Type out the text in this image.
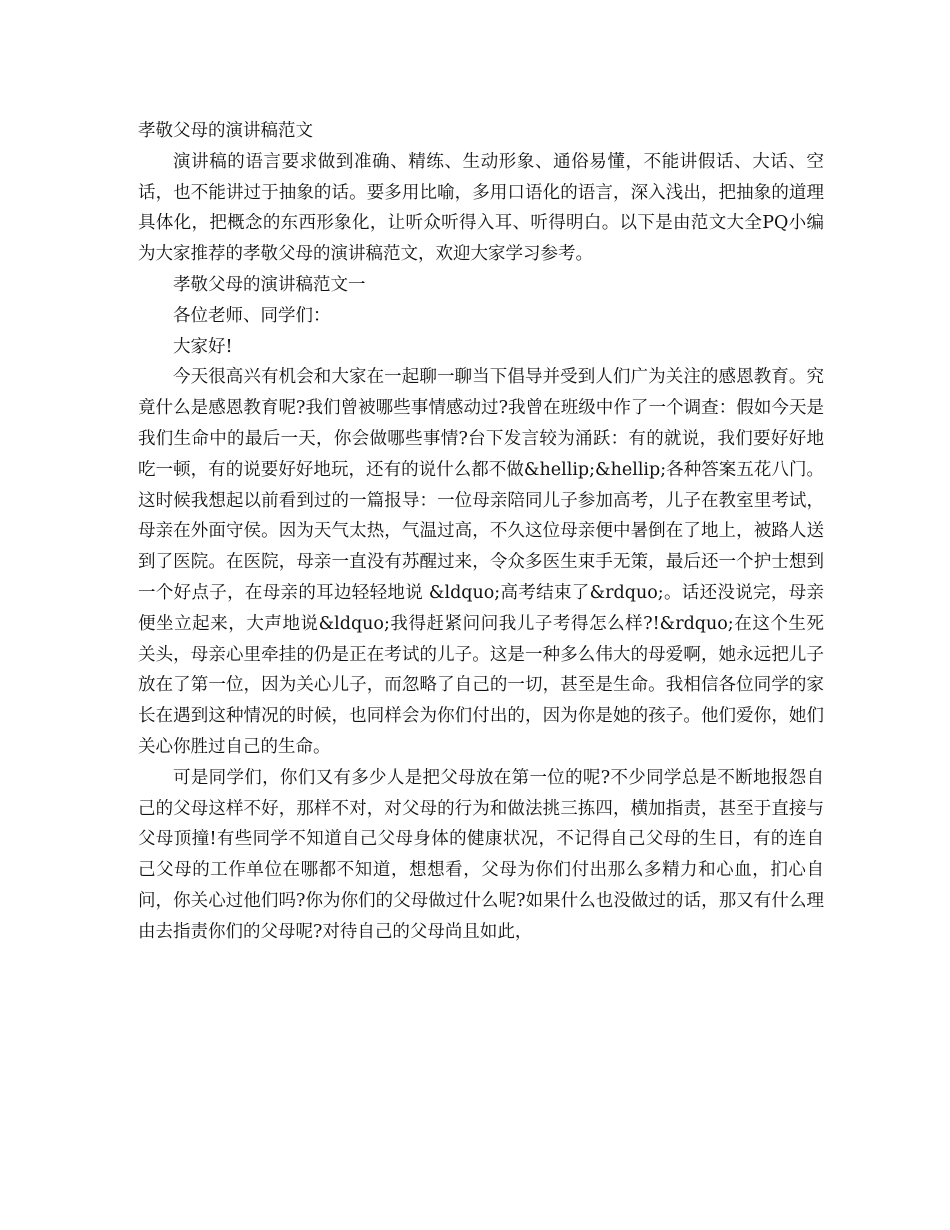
孝敬父母的演讲稿范文

演讲稿的语言要求做到准确、精练、生动形象、通俗易懂，不能讲假话、大话、空话，也不能讲过于抽象的话。要多用比喻，多用口语化的语言，深入浅出，把抽象的道理具体化，把概念的东西形象化，让听众听得入耳、听得明白。以下是由范文大全PQ小编为大家推荐的孝敬父母的演讲稿范文，欢迎大家学习参考。

孝敬父母的演讲稿范文一

各位老师、同学们：

大家好!

今天很高兴有机会和大家在一起聊一聊当下倡导并受到人们广为关注的感恩教育。究竟什么是感恩教育呢?我们曾被哪些事情感动过?我曾在班级中作了一个调查：假如今天是我们生命中的最后一天，你会做哪些事情?台下发言较为涌跃：有的就说，我们要好好地吃一顿，有的说要好好地玩，还有的说什么都不做&hellip;&hellip;各种答案五花八门。这时候我想起以前看到过的一篇报导：一位母亲陪同儿子参加高考，儿子在教室里考试，母亲在外面守侯。因为天气太热，气温过高，不久这位母亲便中暑倒在了地上，被路人送到了医院。在医院，母亲一直没有苏醒过来，令众多医生束手无策，最后还一个护士想到一个好点子，在母亲的耳边轻轻地说 &ldquo;高考结束了&rdquo;。话还没说完，母亲便坐立起来，大声地说&ldquo;我得赶紧问问我儿子考得怎么样?!&rdquo;在这个生死关头，母亲心里牵挂的仍是正在考试的儿子。这是一种多么伟大的母爱啊，她永远把儿子放在了第一位，因为关心儿子，而忽略了自己的一切，甚至是生命。我相信各位同学的家长在遇到这种情况的时候，也同样会为你们付出的，因为你是她的孩子。他们爱你，她们关心你胜过自己的生命。

可是同学们，你们又有多少人是把父母放在第一位的呢?不少同学总是不断地报怨自己的父母这样不好，那样不对，对父母的行为和做法挑三拣四，横加指责，甚至于直接与父母顶撞!有些同学不知道自己父母身体的健康状况，不记得自己父母的生日，有的连自己父母的工作单位在哪都不知道，想想看，父母为你们付出那么多精力和心血，扪心自问，你关心过他们吗?你为你们的父母做过什么呢?如果什么也没做过的话，那又有什么理由去指责你们的父母呢?对待自己的父母尚且如此，
